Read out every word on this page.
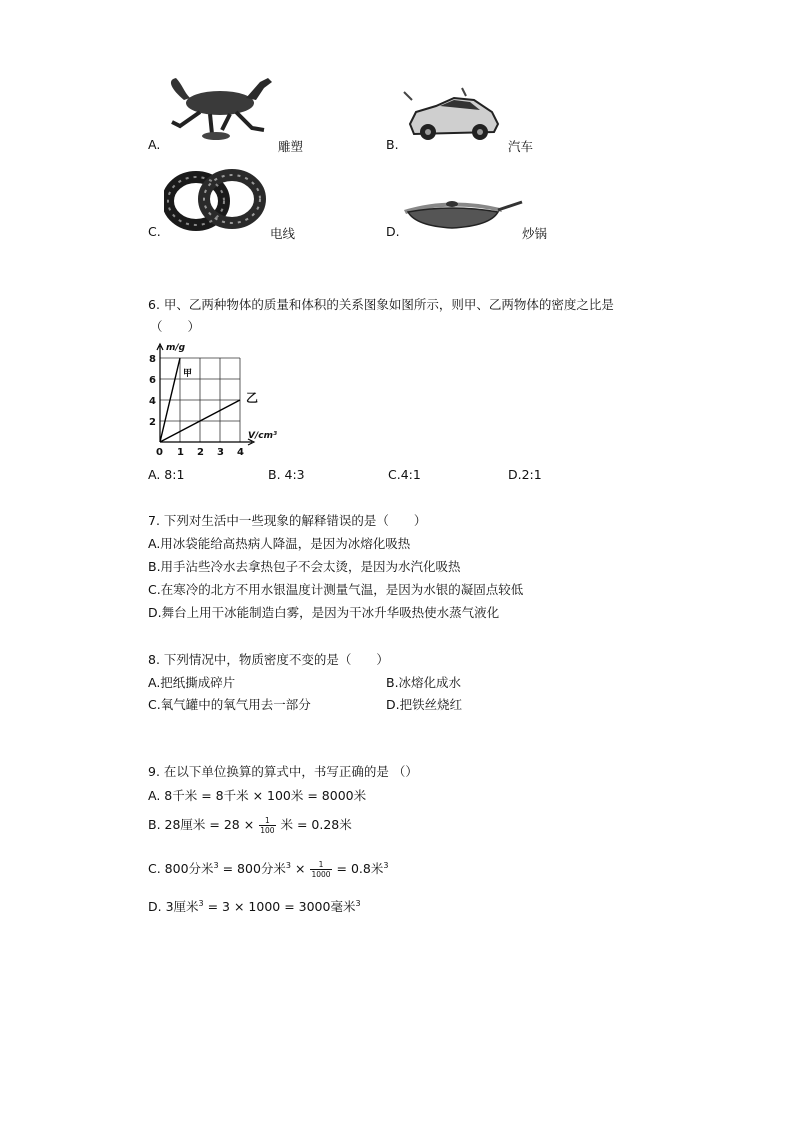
A.	雕塑	B.	汽车
C.	电线	D.	炒锅
6. 甲、乙两种物体的质量和体积的关系图象如图所示，则甲、乙两物体的密度之比是
（　　）
0 1 2 3 4
2
4
6
8
m/g
V/cm³
甲
乙
A. 8:1	B. 4:3	C.4:1	D.2:1
7. 下列对生活中一些现象的解释错误的是（　　）
A.用冰袋能给高热病人降温，是因为冰熔化吸热
B.用手沾些冷水去拿热包子不会太烫，是因为水汽化吸热
C.在寒冷的北方不用水银温度计测量气温，是因为水银的凝固点较低
D.舞台上用干冰能制造白雾，是因为干冰升华吸热使水蒸气液化
8. 下列情况中，物质密度不变的是（　　）
A.把纸撕成碎片	B.冰熔化成水
C.氧气罐中的氧气用去一部分	D.把铁丝烧红
9. 在以下单位换算的算式中，书写正确的是 （）
A. 8千米 = 8千米 × 100米 = 8000米
B. 28厘米 = $28 \times \frac{1}{100}$ 米 = 0.28米
C. 800分米$^3$ = 800分米$^3 \times \frac{1}{1000} = 0.8$米$^3$
D. 3厘米$^3$ = 3 × 1000 = 3000毫米$^3$
